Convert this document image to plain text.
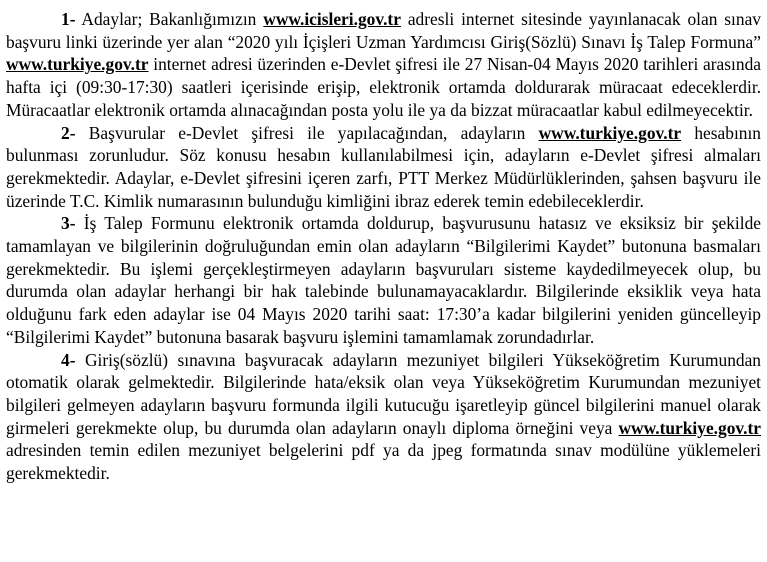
1- Adaylar; Bakanlığımızın www.icisleri.gov.tr adresli internet sitesinde yayınlanacak olan sınav başvuru linki üzerinde yer alan “2020 yılı İçişleri Uzman Yardımcısı Giriş(Sözlü) Sınavı İş Talep Formuna” www.turkiye.gov.tr internet adresi üzerinden e-Devlet şifresi ile 27 Nisan-04 Mayıs 2020 tarihleri arasında hafta içi (09:30-17:30) saatleri içerisinde erişip, elektronik ortamda doldurarak müracaat edeceklerdir. Müracaatlar elektronik ortamda alınacağından posta yolu ile ya da bizzat müracaatlar kabul edilmeyecektir.

2- Başvurular e-Devlet şifresi ile yapılacağından, adayların www.turkiye.gov.tr hesabının bulunması zorunludur. Söz konusu hesabın kullanılabilmesi için, adayların e-Devlet şifresi almaları gerekmektedir. Adaylar, e-Devlet şifresini içeren zarfı, PTT Merkez Müdürlüklerinden, şahsen başvuru ile üzerinde T.C. Kimlik numarasının bulunduğu kimliğini ibraz ederek temin edebileceklerdir.

3- İş Talep Formunu elektronik ortamda doldurup, başvurusunu hatasız ve eksiksiz bir şekilde tamamlayan ve bilgilerinin doğruluğundan emin olan adayların “Bilgilerimi Kaydet” butonuna basmaları gerekmektedir. Bu işlemi gerçekleştirmeyen adayların başvuruları sisteme kaydedilmeyecek olup, bu durumda olan adaylar herhangi bir hak talebinde bulunamayacaklardır. Bilgilerinde eksiklik veya hata olduğunu fark eden adaylar ise 04 Mayıs 2020 tarihi saat: 17:30’a kadar bilgilerini yeniden güncelleyip “Bilgilerimi Kaydet” butonuna basarak başvuru işlemini tamamlamak zorundadırlar.

4- Giriş(sözlü) sınavına başvuracak adayların mezuniyet bilgileri Yükseköğretim Kurumundan otomatik olarak gelmektedir. Bilgilerinde hata/eksik olan veya Yükseköğretim Kurumundan mezuniyet bilgileri gelmeyen adayların başvuru formunda ilgili kutucuğu işaretleyip güncel bilgilerini manuel olarak girmeleri gerekmekte olup, bu durumda olan adayların onaylı diploma örneğini veya www.turkiye.gov.tr adresinden temin edilen mezuniyet belgelerini pdf ya da jpeg formatında sınav modülüne yüklemeleri gerekmektedir.
